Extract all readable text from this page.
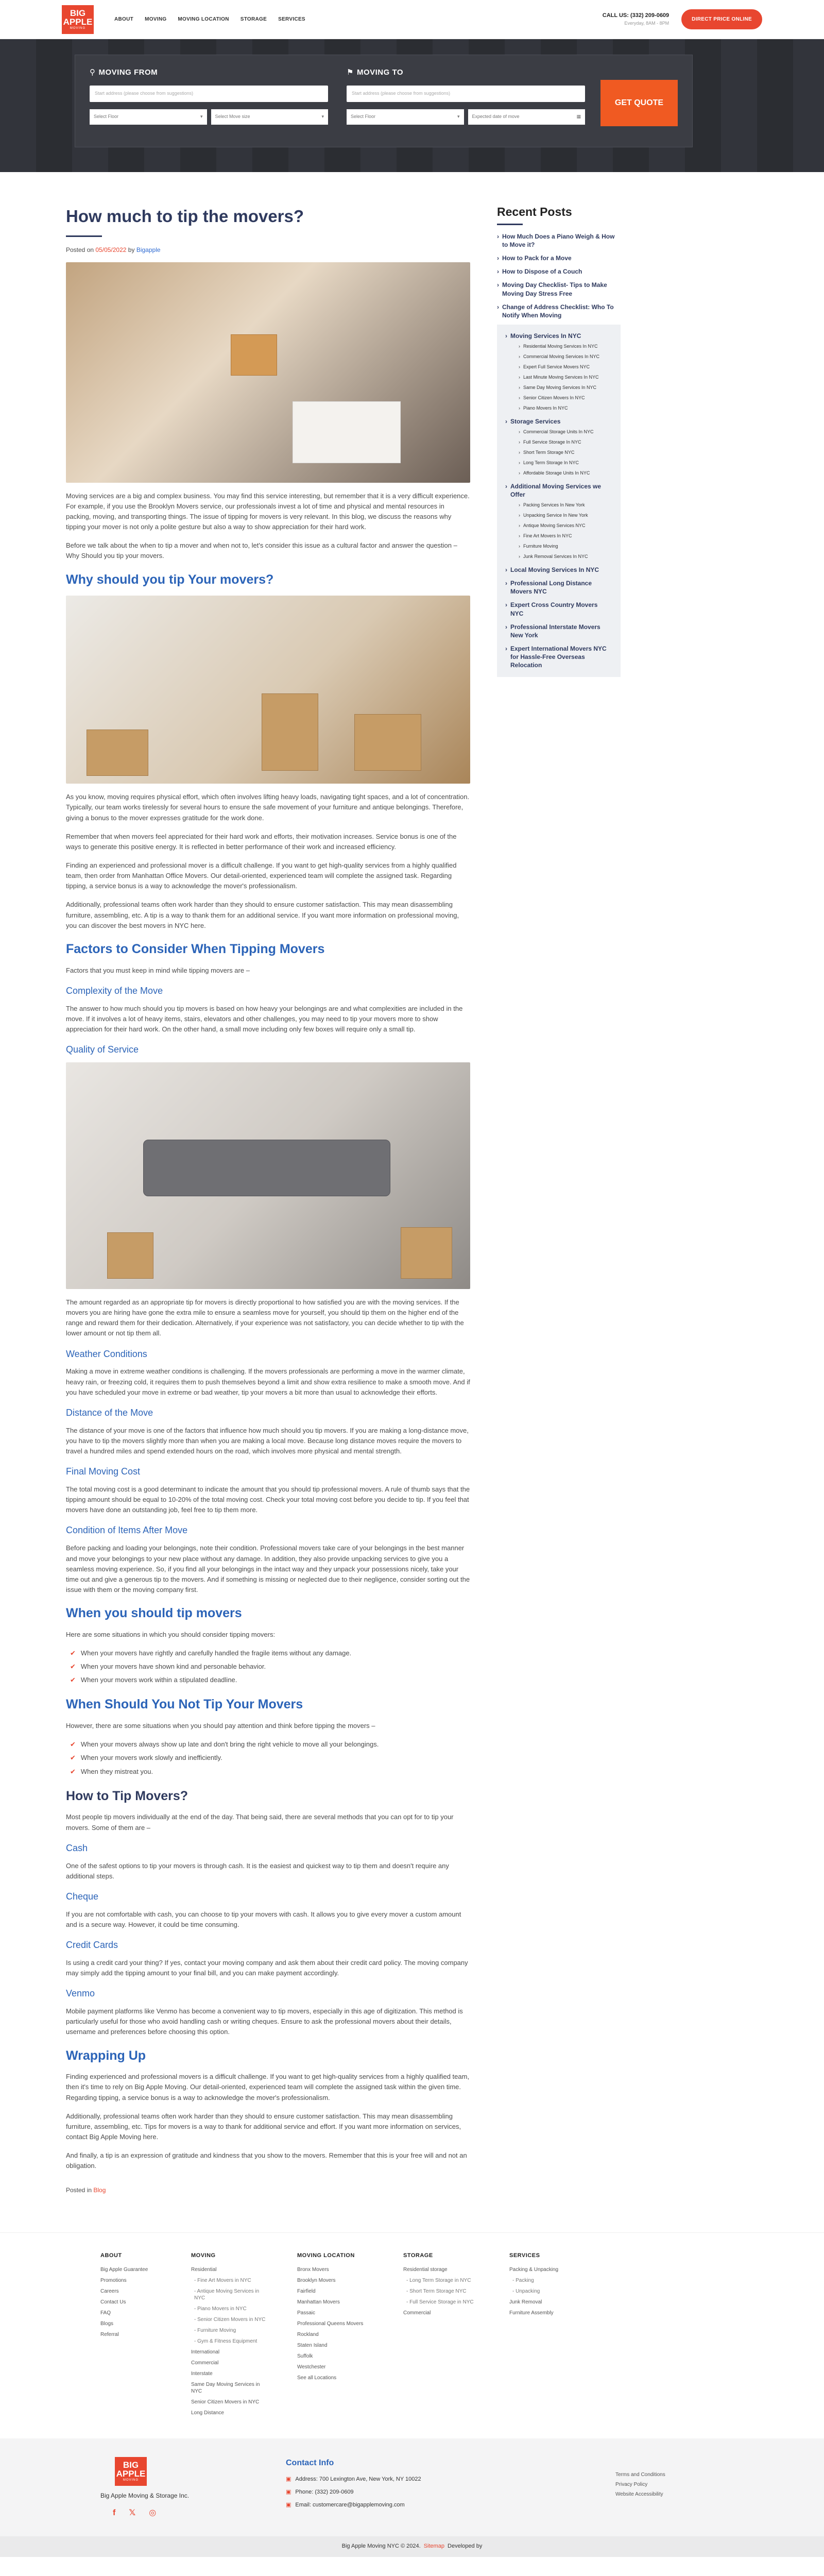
BIG
APPLE
MOVING
ABOUT MOVING MOVING LOCATION STORAGE SERVICES
CALL US: (332) 209-0609
Everyday, 8AM - 8PM
DIRECT PRICE ONLINE
⚲ MOVING FROM
Start address (please choose from suggestions)
Select Floor	▾	Select Move size	▾
⚑ MOVING TO
Start address (please choose from suggestions)
Select Floor	▾	Expected date of move	▦
GET QUOTE
How much to tip the movers?
Posted on 05/05/2022 by Bigapple

Moving services are a big and complex business. You may find this service interesting, but remember that it is a very difficult experience. For example, if you use the Brooklyn Movers service, our professionals invest a lot of time and physical and mental resources in packing, moving, and transporting things. The issue of tipping for movers is very relevant. In this blog, we discuss the reasons why tipping your mover is not only a polite gesture but also a way to show appreciation for their hard work.

Before we talk about the when to tip a mover and when not to, let's consider this issue as a cultural factor and answer the question – Why Should you tip your movers.

Why should you tip Your movers?

As you know, moving requires physical effort, which often involves lifting heavy loads, navigating tight spaces, and a lot of concentration. Typically, our team works tirelessly for several hours to ensure the safe movement of your furniture and antique belongings. Therefore, giving a bonus to the mover expresses gratitude for the work done.

Remember that when movers feel appreciated for their hard work and efforts, their motivation increases. Service bonus is one of the ways to generate this positive energy. It is reflected in better performance of their work and increased efficiency.

Finding an experienced and professional mover is a difficult challenge. If you want to get high-quality services from a highly qualified team, then order from Manhattan Office Movers. Our detail-oriented, experienced team will complete the assigned task. Regarding tipping, a service bonus is a way to acknowledge the mover's professionalism.

Additionally, professional teams often work harder than they should to ensure customer satisfaction. This may mean disassembling furniture, assembling, etc. A tip is a way to thank them for an additional service. If you want more information on professional moving, you can discover the best movers in NYC here.

Factors to Consider When Tipping Movers

Factors that you must keep in mind while tipping movers are –

Complexity of the Move

The answer to how much should you tip movers is based on how heavy your belongings are and what complexities are included in the move. If it involves a lot of heavy items, stairs, elevators and other challenges, you may need to tip your movers more to show appreciation for their hard work. On the other hand, a small move including only few boxes will require only a small tip.

Quality of Service

The amount regarded as an appropriate tip for movers is directly proportional to how satisfied you are with the moving services. If the movers you are hiring have gone the extra mile to ensure a seamless move for yourself, you should tip them on the higher end of the range and reward them for their dedication. Alternatively, if your experience was not satisfactory, you can decide whether to tip with the lower amount or not tip them all.

Weather Conditions

Making a move in extreme weather conditions is challenging. If the movers professionals are performing a move in the warmer climate, heavy rain, or freezing cold, it requires them to push themselves beyond a limit and show extra resilience to make a smooth move. And if you have scheduled your move in extreme or bad weather, tip your movers a bit more than usual to acknowledge their efforts.

Distance of the Move

The distance of your move is one of the factors that influence how much should you tip movers. If you are making a long-distance move, you have to tip the movers slightly more than when you are making a local move. Because long distance moves require the movers to travel a hundred miles and spend extended hours on the road, which involves more physical and mental strength.

Final Moving Cost

The total moving cost is a good determinant to indicate the amount that you should tip professional movers. A rule of thumb says that the tipping amount should be equal to 10-20% of the total moving cost. Check your total moving cost before you decide to tip. If you feel that movers have done an outstanding job, feel free to tip them more.

Condition of Items After Move

Before packing and loading your belongings, note their condition. Professional movers take care of your belongings in the best manner and move your belongings to your new place without any damage. In addition, they also provide unpacking services to give you a seamless moving experience. So, if you find all your belongings in the intact way and they unpack your possessions nicely, take your time out and give a generous tip to the movers. And if something is missing or neglected due to their negligence, consider sorting out the issue with them or the moving company first.

When you should tip movers

Here are some situations in which you should consider tipping movers:

✔ When your movers have rightly and carefully handled the fragile items without any damage.
✔ When your movers have shown kind and personable behavior.
✔ When your movers work within a stipulated deadline.
When Should You Not Tip Your Movers

However, there are some situations when you should pay attention and think before tipping the movers –

✔ When your movers always show up late and don't bring the right vehicle to move all your belongings.
✔ When your movers work slowly and inefficiently.
✔ When they mistreat you.
How to Tip Movers?

Most people tip movers individually at the end of the day. That being said, there are several methods that you can opt for to tip your movers. Some of them are –

Cash

One of the safest options to tip your movers is through cash. It is the easiest and quickest way to tip them and doesn't require any additional steps.

Cheque

If you are not comfortable with cash, you can choose to tip your movers with cash. It allows you to give every mover a custom amount and is a secure way. However, it could be time consuming.

Credit Cards

Is using a credit card your thing? If yes, contact your moving company and ask them about their credit card policy. The moving company may simply add the tipping amount to your final bill, and you can make payment accordingly.

Venmo

Mobile payment platforms like Venmo has become a convenient way to tip movers, especially in this age of digitization. This method is particularly useful for those who avoid handling cash or writing cheques. Ensure to ask the professional movers about their details, username and preferences before choosing this option.

Wrapping Up

Finding experienced and professional movers is a difficult challenge. If you want to get high-quality services from a highly qualified team, then it's time to rely on Big Apple Moving. Our detail-oriented, experienced team will complete the assigned task within the given time. Regarding tipping, a service bonus is a way to acknowledge the mover's professionalism.

Additionally, professional teams often work harder than they should to ensure customer satisfaction. This may mean disassembling furniture, assembling, etc. Tips for movers is a way to thank for additional service and effort. If you want more information on services, contact Big Apple Moving here.

And finally, a tip is an expression of gratitude and kindness that you show to the movers. Remember that this is your free will and not an obligation.

Posted in Blog
Recent Posts
› How Much Does a Piano Weigh & How to Move it?
› How to Pack for a Move
› How to Dispose of a Couch
› Moving Day Checklist- Tips to Make Moving Day Stress Free
› Change of Address Checklist: Who To Notify When Moving
› Moving Services In NYC
› Residential Moving Services In NYC
› Commercial Moving Services In NYC
› Expert Full Service Movers NYC
› Last Minute Moving Services In NYC
› Same Day Moving Services In NYC
› Senior Citizen Movers In NYC
› Piano Movers In NYC
› Storage Services
› Commercial Storage Units In NYC
› Full Service Storage In NYC
› Short Term Storage NYC
› Long Term Storage In NYC
› Affordable Storage Units In NYC
› Additional Moving Services we Offer
› Packing Services In New York
› Unpacking Service In New York
› Antique Moving Services NYC
› Fine Art Movers In NYC
› Furniture Moving
› Junk Removal Services In NYC
› Local Moving Services In NYC
› Professional Long Distance Movers NYC
› Expert Cross Country Movers NYC
› Professional Interstate Movers New York
› Expert International Movers NYC for Hassle-Free Overseas Relocation
ABOUT
Big Apple Guarantee
Promotions
Careers
Contact Us
FAQ
Blogs
Referral
MOVING
Residential
- Fine Art Movers in NYC
- Antique Moving Services in NYC
- Piano Movers in NYC
- Senior Citizen Movers in NYC
- Furniture Moving
- Gym & Fitness Equipment
International
Commercial
Interstate
Same Day Moving Services in NYC
Senior Citizen Movers in NYC
Long Distance
MOVING LOCATION
Bronx Movers
Brooklyn Movers
Fairfield
Manhattan Movers
Passaic
Professional Queens Movers
Rockland
Staten Island
Suffolk
Westchester
See all Locations
STORAGE
Residential storage
- Long Term Storage in NYC
- Short Term Storage NYC
- Full Service Storage in NYC
Commercial
SERVICES
Packing & Unpacking
- Packing
- Unpacking
Junk Removal
Furniture Assembly
BIG
APPLE
MOVING
Big Apple Moving & Storage Inc.
f 𝕏 ◎
Contact Info
▣ Address: 700 Lexington Ave, New York, NY 10022
▣ Phone: (332) 209-0609
▣ Email: customercare@bigapplemoving.com
Terms and Conditions
Privacy Policy
Website Accessibility
Big Apple Moving NYC © 2024. Sitemap Developed by
